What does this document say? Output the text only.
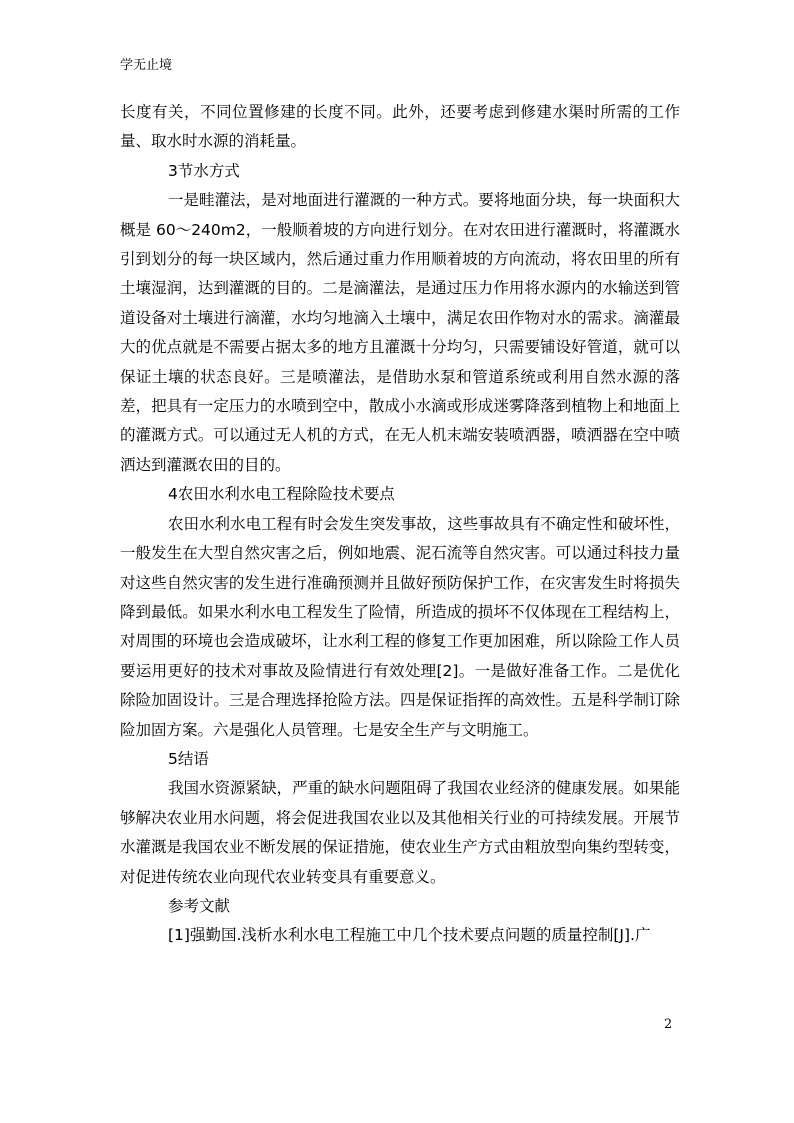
学无止境

长度有关，不同位置修建的长度不同。此外，还要考虑到修建水渠时所需的工作量、取水时水源的消耗量。

3节水方式

一是畦灌法，是对地面进行灌溉的一种方式。要将地面分块，每一块面积大概是 60～240m2，一般顺着坡的方向进行划分。在对农田进行灌溉时，将灌溉水引到划分的每一块区域内，然后通过重力作用顺着坡的方向流动，将农田里的所有土壤湿润，达到灌溉的目的。二是滴灌法，是通过压力作用将水源内的水输送到管道设备对土壤进行滴灌，水均匀地滴入土壤中，满足农田作物对水的需求。滴灌最大的优点就是不需要占据太多的地方且灌溉十分均匀，只需要铺设好管道，就可以保证土壤的状态良好。三是喷灌法，是借助水泵和管道系统或利用自然水源的落差，把具有一定压力的水喷到空中，散成小水滴或形成迷雾降落到植物上和地面上的灌溉方式。可以通过无人机的方式，在无人机末端安装喷洒器，喷洒器在空中喷洒达到灌溉农田的目的。

4农田水利水电工程除险技术要点

农田水利水电工程有时会发生突发事故，这些事故具有不确定性和破坏性，一般发生在大型自然灾害之后，例如地震、泥石流等自然灾害。可以通过科技力量对这些自然灾害的发生进行准确预测并且做好预防保护工作，在灾害发生时将损失降到最低。如果水利水电工程发生了险情，所造成的损坏不仅体现在工程结构上，对周围的环境也会造成破坏，让水利工程的修复工作更加困难，所以除险工作人员要运用更好的技术对事故及险情进行有效处理[2]。一是做好准备工作。二是优化除险加固设计。三是合理选择抢险方法。四是保证指挥的高效性。五是科学制订除险加固方案。六是强化人员管理。七是安全生产与文明施工。

5结语

我国水资源紧缺，严重的缺水问题阻碍了我国农业经济的健康发展。如果能够解决农业用水问题，将会促进我国农业以及其他相关行业的可持续发展。开展节水灌溉是我国农业不断发展的保证措施，使农业生产方式由粗放型向集约型转变，对促进传统农业向现代农业转变具有重要意义。

参考文献

[1]强勤国.浅析水利水电工程施工中几个技术要点问题的质量控制[J].广

2
